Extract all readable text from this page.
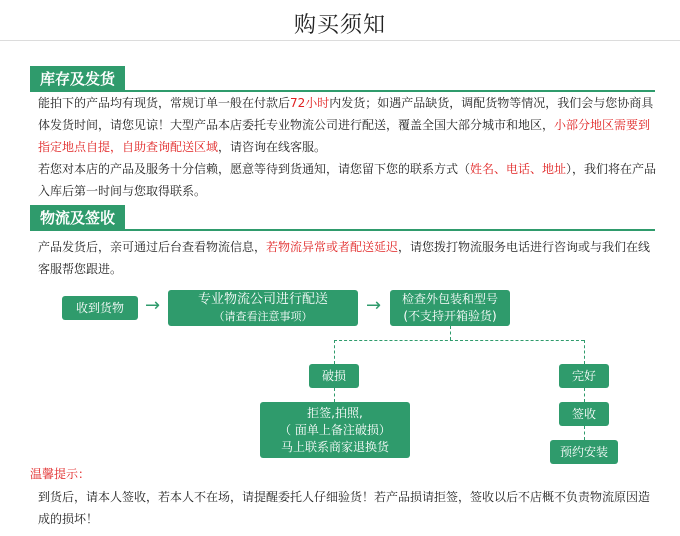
购买须知
库存及发货

能拍下的产品均有现货，常规订单一般在付款后72小时内发货；如遇产品缺货，调配货物等情况，我们会与您协商具体发货时间，请您见谅！大型产品本店委托专业物流公司进行配送，覆盖全国大部分城市和地区，小部分地区需要到指定地点自提，自助查询配送区域，请咨询在线客服。

若您对本店的产品及服务十分信赖，愿意等待到货通知，请您留下您的联系方式（姓名、电话、地址），我们将在产品入库后第一时间与您取得联系。

物流及签收

产品发货后，亲可通过后台查看物流信息，若物流异常或者配送延迟，请您拨打物流服务电话进行咨询或与我们在线客服帮您跟进。

收到货物 →	专业物流公司进行配送
（请查看注意事项）
→ 检查外包装和型号
(不支持开箱验货)
破损	完好
拒签,拍照,
（ 面单上备注破损）
马上联系商家退换货
签收
预约安装
温馨提示：

到货后，请本人签收，若本人不在场，请提醒委托人仔细验货！若产品损请拒签，签收以后不店概不负责物流原因造成的损坏！
